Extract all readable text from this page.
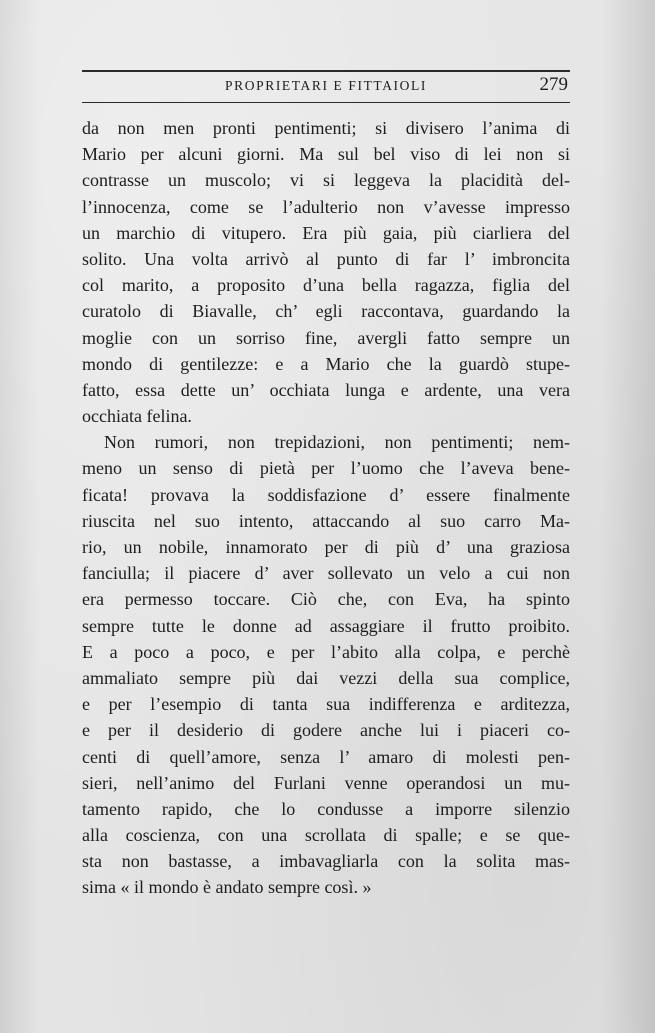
PROPRIETARI E FITTAIOLI	279
da non men pronti pentimenti; si divisero l’anima di
Mario per alcuni giorni. Ma sul bel viso di lei non si
contrasse un muscolo; vi si leggeva la placidità del-
l’innocenza, come se l’adulterio non v’avesse impresso
un marchio di vitupero. Era più gaia, più ciarliera del
solito. Una volta arrivò al punto di far l’ imbroncita
col marito, a proposito d’una bella ragazza, figlia del
curatolo di Biavalle, ch’ egli raccontava, guardando la
moglie con un sorriso fine, avergli fatto sempre un
mondo di gentilezze: e a Mario che la guardò stupe-
fatto, essa dette un’ occhiata lunga e ardente, una vera
occhiata felina.
Non rumori, non trepidazioni, non pentimenti; nem-
meno un senso di pietà per l’uomo che l’aveva bene-
ficata! provava la soddisfazione d’ essere finalmente
riuscita nel suo intento, attaccando al suo carro Ma-
rio, un nobile, innamorato per di più d’ una graziosa
fanciulla; il piacere d’ aver sollevato un velo a cui non
era permesso toccare. Ciò che, con Eva, ha spinto
sempre tutte le donne ad assaggiare il frutto proibito.
E a poco a poco, e per l’abito alla colpa, e perchè
ammaliato sempre più dai vezzi della sua complice,
e per l’esempio di tanta sua indifferenza e arditezza,
e per il desiderio di godere anche lui i piaceri co-
centi di quell’amore, senza l’ amaro di molesti pen-
sieri, nell’animo del Furlani venne operandosi un mu-
tamento rapido, che lo condusse a imporre silenzio
alla coscienza, con una scrollata di spalle; e se que-
sta non bastasse, a imbavagliarla con la solita mas-
sima « il mondo è andato sempre così. »
